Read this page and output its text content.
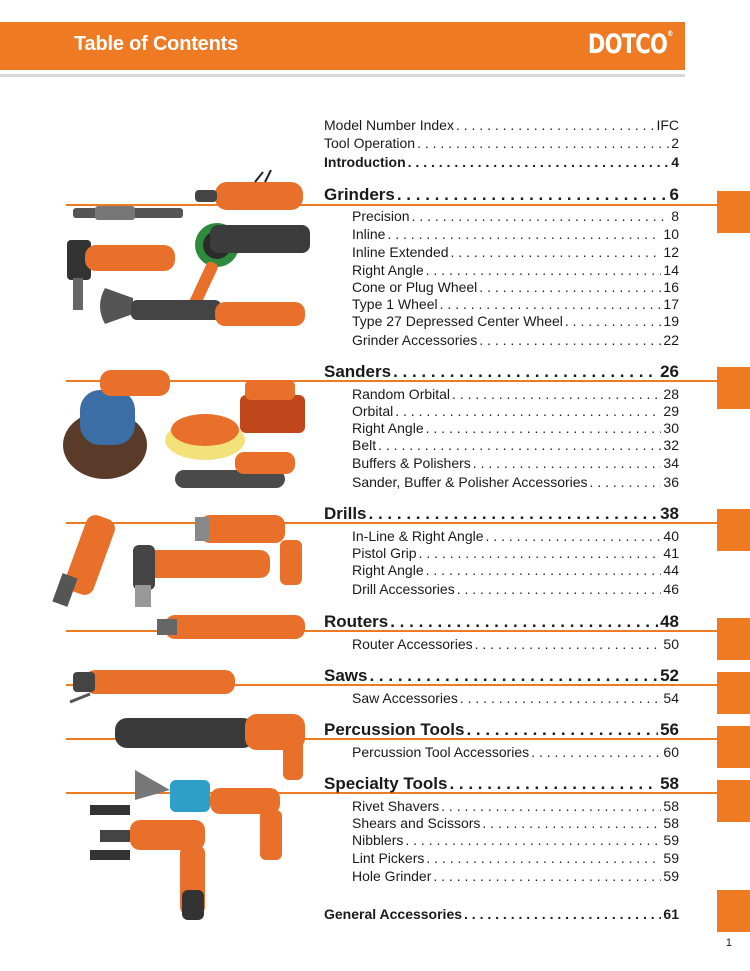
Table of Contents	DOTCO®
Model Number Index . . .	IFC
Tool Operation . . .	2
Introduction . . .	4
Grinders . . .	6
Precision . . .	8
Inline . . .	10
Inline Extended . . .	12
Right Angle . . .	14
Cone or Plug Wheel . . .	16
Type 1 Wheel . . .	17
Type 27 Depressed Center Wheel . . .	19
Grinder Accessories . . .	22
Sanders . . .	26
Random Orbital . . .	28
Orbital . . .	29
Right Angle . . .	30
Belt . . .	32
Buffers & Polishers . . .	34
Sander, Buffer & Polisher Accessories . . .	36
Drills . . .	38
In-Line & Right Angle . . .	40
Pistol Grip . . .	41
Right Angle . . .	44
Drill Accessories . . .	46
Routers . . .	48
Router Accessories . . .	50
Saws . . .	52
Saw Accessories . . .	54
Percussion Tools . . .	56
Percussion Tool Accessories . . .	60
Specialty Tools . . .	58
Rivet Shavers . . .	58
Shears and Scissors . . .	58
Nibblers . . .	59
Lint Pickers . . .	59
Hole Grinder . . .	59
General Accessories . . .	61
1
